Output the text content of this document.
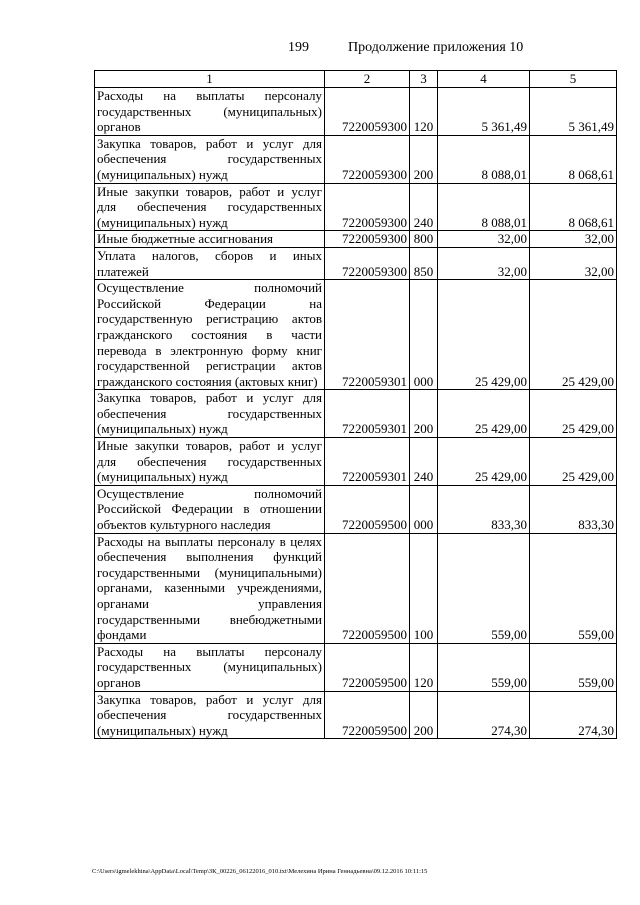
199	Продолжение приложения 10
1	2	3	4	5
Расходы на выплаты персоналу государственных (муниципальных) органов	7220059300	120	5 361,49	5 361,49
Закупка товаров, работ и услуг для обеспечения государственных (муниципальных) нужд	7220059300	200	8 088,01	8 068,61
Иные закупки товаров, работ и услуг для обеспечения государственных (муниципальных) нужд	7220059300	240	8 088,01	8 068,61
Иные бюджетные ассигнования	7220059300	800	32,00	32,00
Уплата налогов, сборов и иных платежей	7220059300	850	32,00	32,00
Осуществление полномочий Российской Федерации на государственную регистрацию актов гражданского состояния в части перевода в электронную форму книг государственной регистрации актов гражданского состояния (актовых книг)	7220059301	000	25 429,00	25 429,00
Закупка товаров, работ и услуг для обеспечения государственных (муниципальных) нужд	7220059301	200	25 429,00	25 429,00
Иные закупки товаров, работ и услуг для обеспечения государственных (муниципальных) нужд	7220059301	240	25 429,00	25 429,00
Осуществление полномочий Российской Федерации в отношении объектов культурного наследия	7220059500	000	833,30	833,30
Расходы на выплаты персоналу в целях обеспечения выполнения функций государственными (муниципальными) органами, казенными учреждениями, органами управления государственными внебюджетными фондами	7220059500	100	559,00	559,00
Расходы на выплаты персоналу государственных (муниципальных) органов	7220059500	120	559,00	559,00
Закупка товаров, работ и услуг для обеспечения государственных (муниципальных) нужд	7220059500	200	274,30	274,30
C:\Users\igmelekhina\AppData\Local\Temp\ЗК_00226_06122016_010.txt\Мелехина Ирина Геннадьевна\09.12.2016 10:11:15
